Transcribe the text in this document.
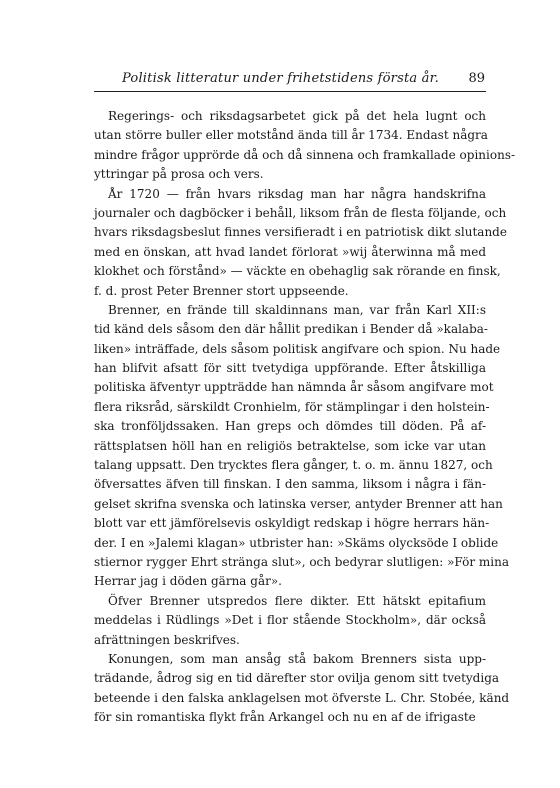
Politisk litteratur under frihetstidens första år. 89
Regerings- och riksdagsarbetet gick på det hela lugnt och
utan större buller eller motstånd ända till år 1734. Endast några
mindre frågor upprörde då och då sinnena och framkallade opinions-
yttringar på prosa och vers.
År 1720 — från hvars riksdag man har några handskrifna
journaler och dagböcker i behåll, liksom från de flesta följande, och
hvars riksdagsbeslut finnes versifieradt i en patriotisk dikt slutande
med en önskan, att hvad landet förlorat »wij återwinna må med
klokhet och förstånd» — väckte en obehaglig sak rörande en finsk,
f. d. prost Peter Brenner stort uppseende.
Brenner, en frände till skaldinnans man, var från Karl XII:s
tid känd dels såsom den där hållit predikan i Bender då »kalaba-
liken» inträffade, dels såsom politisk angifvare och spion. Nu hade
han blifvit afsatt för sitt tvetydiga uppförande. Efter åtskilliga
politiska äfventyr uppträdde han nämnda år såsom angifvare mot
flera riksråd, särskildt Cronhielm, för stämplingar i den holstein-
ska tronföljdssaken. Han greps och dömdes till döden. På af-
rättsplatsen höll han en religiös betraktelse, som icke var utan
talang uppsatt. Den trycktes flera gånger, t. o. m. ännu 1827, och
öfversattes äfven till finskan. I den samma, liksom i några i fän-
gelset skrifna svenska och latinska verser, antyder Brenner att han
blott var ett jämförelsevis oskyldigt redskap i högre herrars hän-
der. I en »Jalemi klagan» utbrister han: »Skäms olycksöde I oblide
stiernor rygger Ehrt stränga slut», och bedyrar slutligen: »För mina
Herrar jag i döden gärna går».
Öfver Brenner utspredos flere dikter. Ett hätskt epitafium
meddelas i Rüdlings »Det i flor stående Stockholm», där också
afrättningen beskrifves.
Konungen, som man ansåg stå bakom Brenners sista upp-
trädande, ådrog sig en tid därefter stor ovilja genom sitt tvetydiga
beteende i den falska anklagelsen mot öfverste L. Chr. Stobée, känd
för sin romantiska flykt från Arkangel och nu en af de ifrigaste
